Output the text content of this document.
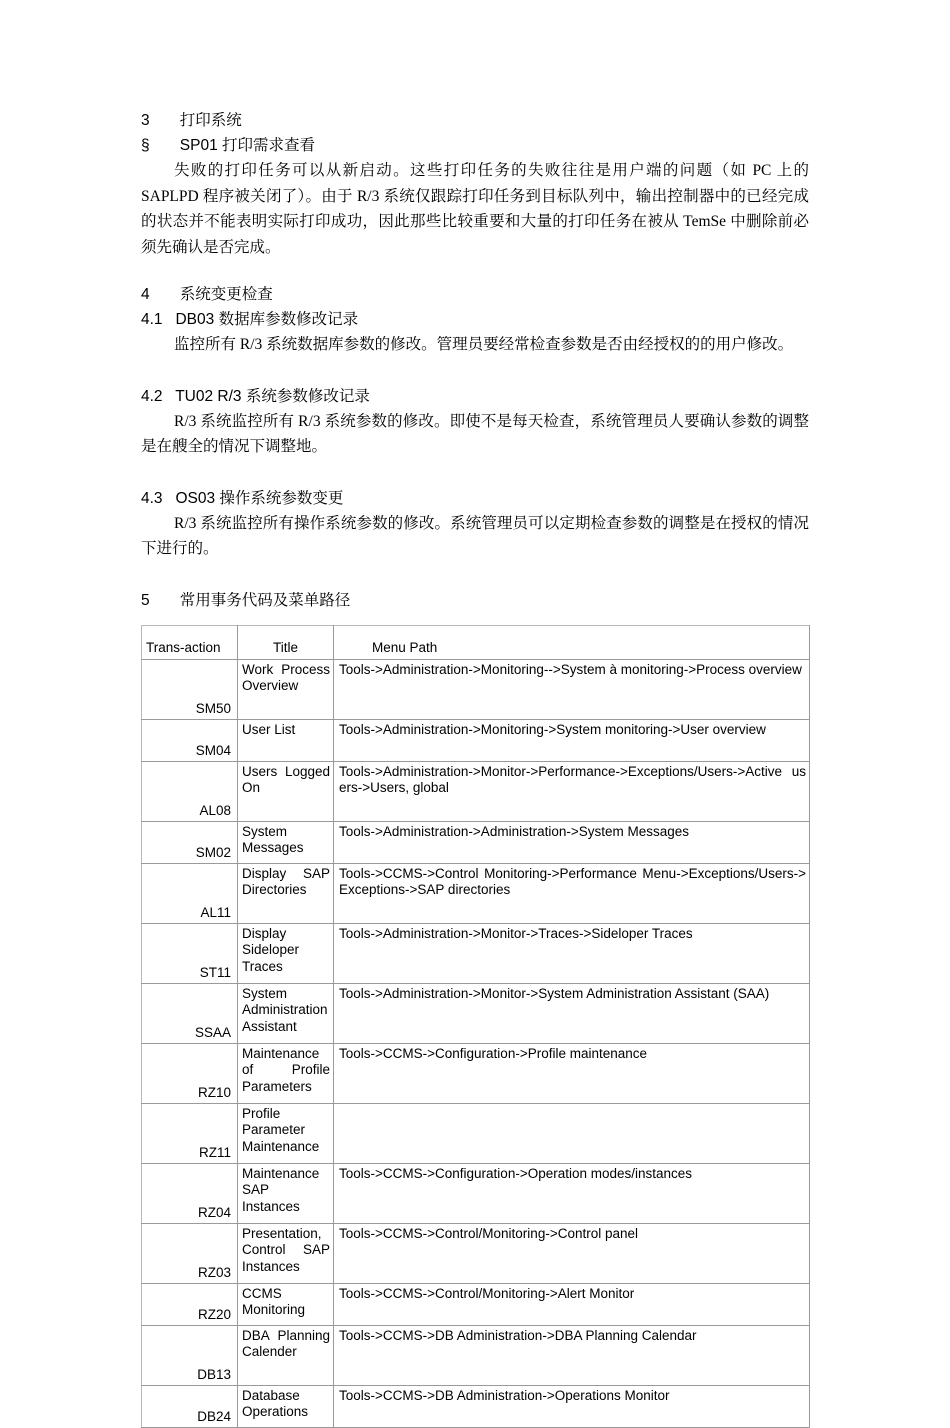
3 打印系统
§ SP01 打印需求查看
失败的打印任务可以从新启动。这些打印任务的失败往往是用户端的问题（如 PC 上的 SAPLPD 程序被关闭了）。由于 R/3 系统仅跟踪打印任务到目标队列中，输出控制器中的已经完成的状态并不能表明实际打印成功，因此那些比较重要和大量的打印任务在被从 TemSe 中删除前必须先确认是否完成。
4 系统变更检查
4.1 DB03 数据库参数修改记录
监控所有 R/3 系统数据库参数的修改。管理员要经常检查参数是否由经授权的的用户修改。
4.2 TU02 R/3 系统参数修改记录
R/3 系统监控所有 R/3 系统参数的修改。即使不是每天检查，系统管理员人要确认参数的调整是在艘全的情况下调整地。
4.3 OS03 操作系统参数变更
R/3 系统监控所有操作系统参数的修改。系统管理员可以定期检查参数的调整是在授权的情况下进行的。
5 常用事务代码及菜单路径
Trans-action	Title	Menu Path
SM50	Work Process Overview	Tools->Administration->Monitoring-->System à monitoring->Process overview
SM04	User List	Tools->Administration->Monitoring->System monitoring->User overview
AL08	Users Logged On	Tools->Administration->Monitor->Performance->Exceptions/Users->Active users->Users, global
SM02	System Messages	Tools->Administration->Administration->System Messages
AL11	Display SAP Directories	Tools->CCMS->Control Monitoring->Performance Menu->Exceptions/Users->Exceptions->SAP directories
ST11	Display Sideloper Traces	Tools->Administration->Monitor->Traces->Sideloper Traces
SSAA	System Administration Assistant	Tools->Administration->Monitor->System Administration Assistant (SAA)
RZ10	Maintenance of Profile Parameters	Tools->CCMS->Configuration->Profile maintenance
RZ11	Profile Parameter Maintenance	
RZ04	Maintenance SAP Instances	Tools->CCMS->Configuration->Operation modes/instances
RZ03	Presentation, Control SAP Instances	Tools->CCMS->Control/Monitoring->Control panel
RZ20	CCMS Monitoring	Tools->CCMS->Control/Monitoring->Alert Monitor
DB13	DBA Planning Calender	Tools->CCMS->DB Administration->DBA Planning Calendar
DB24	Database Operations	Tools->CCMS->DB Administration->Operations Monitor
